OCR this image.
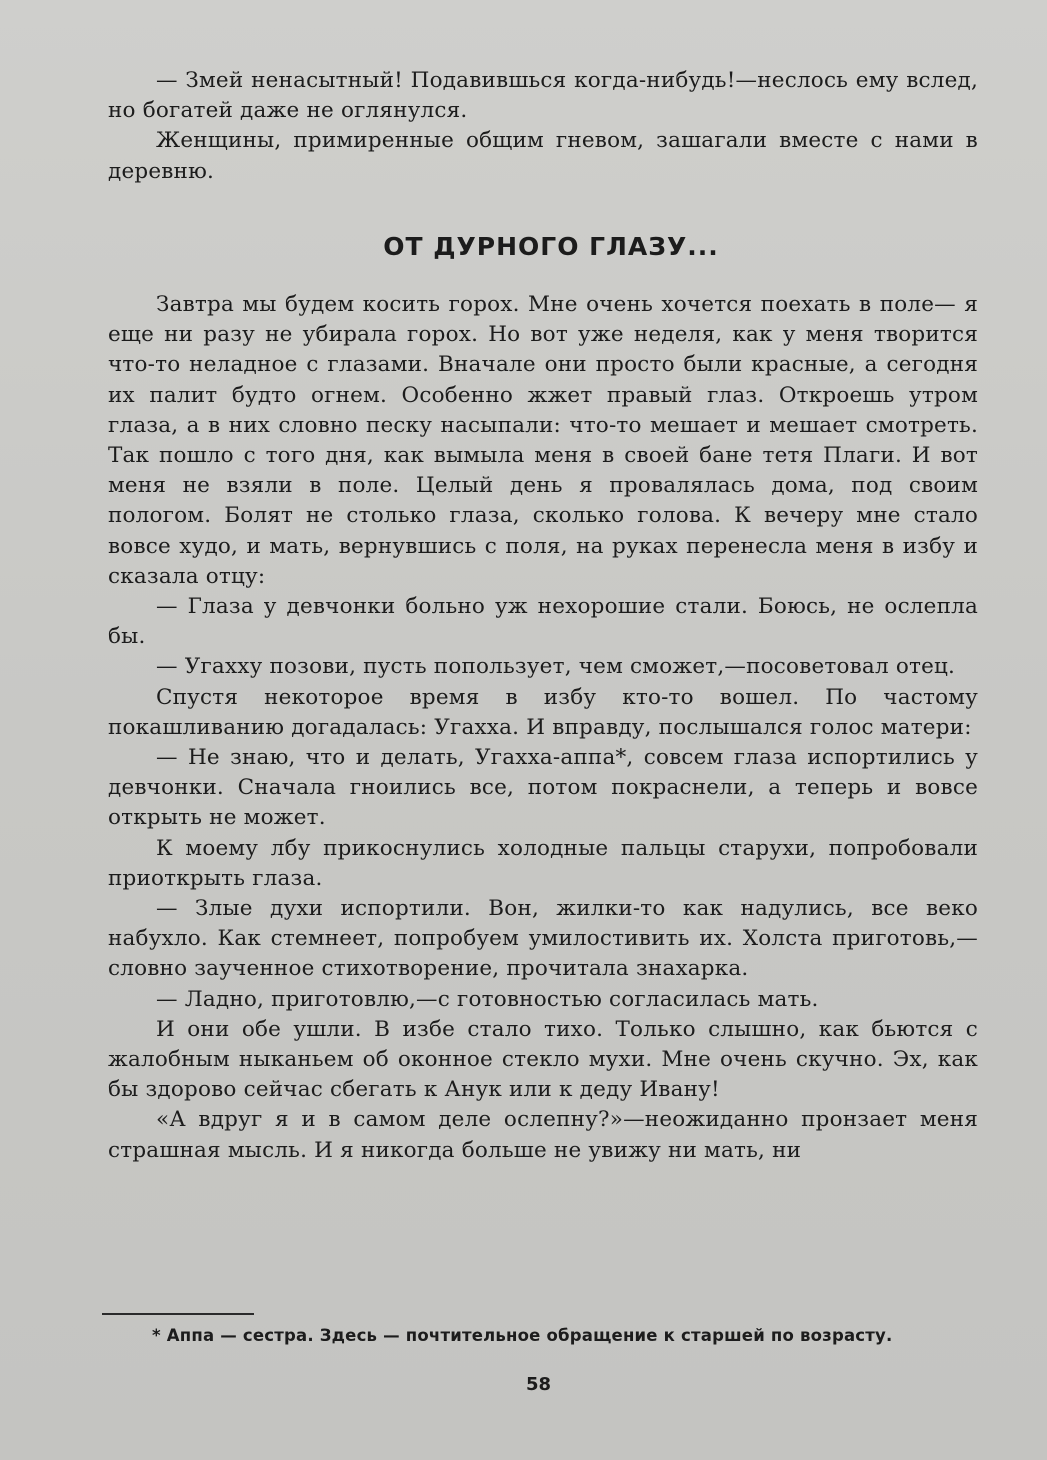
— Змей ненасытный! Подавившься когда-нибудь!—неслось ему вслед, но богатей даже не оглянулся.

Женщины, примиренные общим гневом, зашагали вместе с нами в деревню.

ОТ ДУРНОГО ГЛАЗУ...

Завтра мы будем косить горох. Мне очень хочется поехать в поле— я еще ни разу не убирала горох. Но вот уже неделя, как у меня творится что-то неладное с глазами. Вначале они просто были красные, а сегодня их палит будто огнем. Особенно жжет правый глаз. Откроешь утром глаза, а в них словно песку насыпали: что-то мешает и мешает смотреть. Так пошло с того дня, как вымыла меня в своей бане тетя Плаги. И вот меня не взяли в поле. Целый день я провалялась дома, под своим пологом. Болят не столько глаза, сколько голова. К вечеру мне стало вовсе худо, и мать, вернувшись с поля, на руках перенесла меня в избу и сказала отцу:

— Глаза у девчонки больно уж нехорошие стали. Боюсь, не ослепла бы.

— Угахху позови, пусть попользует, чем сможет,—посоветовал отец.

Спустя некоторое время в избу кто-то вошел. По частому покашливанию догадалась: Угахха. И вправду, послышался голос матери:

— Не знаю, что и делать, Угахха-аппа*, совсем глаза испортились у девчонки. Сначала гноились все, потом покраснели, а теперь и вовсе открыть не может.

К моему лбу прикоснулись холодные пальцы старухи, попробовали приоткрыть глаза.

— Злые духи испортили. Вон, жилки-то как надулись, все веко набухло. Как стемнеет, попробуем умилостивить их. Холста приготовь,— словно заученное стихотворение, прочитала знахарка.

— Ладно, приготовлю,—с готовностью согласилась мать.

И они обе ушли. В избе стало тихо. Только слышно, как бьются с жалобным ныканьем об оконное стекло мухи. Мне очень скучно. Эх, как бы здорово сейчас сбегать к Анук или к деду Ивану!

«А вдруг я и в самом деле ослепну?»—неожиданно пронзает меня страшная мысль. И я никогда больше не увижу ни мать, ни

* Аппа — сестра. Здесь — почтительное обращение к старшей по возрасту.
58
